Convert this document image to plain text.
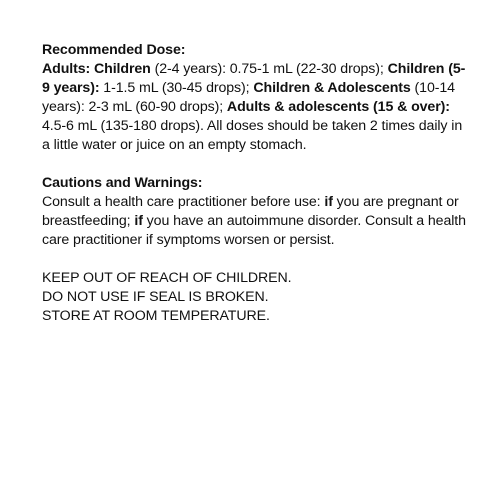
Recommended Dose:
Adults: Children (2-4 years): 0.75-1 mL (22-30 drops); Children (5-9 years): 1-1.5 mL (30-45 drops); Children & Adolescents (10-14 years): 2-3 mL (60-90 drops); Adults & adolescents (15 & over): 4.5-6 mL (135-180 drops). All doses should be taken 2 times daily in a little water or juice on an empty stomach.
Cautions and Warnings:
Consult a health care practitioner before use: if you are pregnant or breastfeeding; if you have an autoimmune disorder. Consult a health care practitioner if symptoms worsen or persist.
KEEP OUT OF REACH OF CHILDREN.
DO NOT USE IF SEAL IS BROKEN.
STORE AT ROOM TEMPERATURE.
